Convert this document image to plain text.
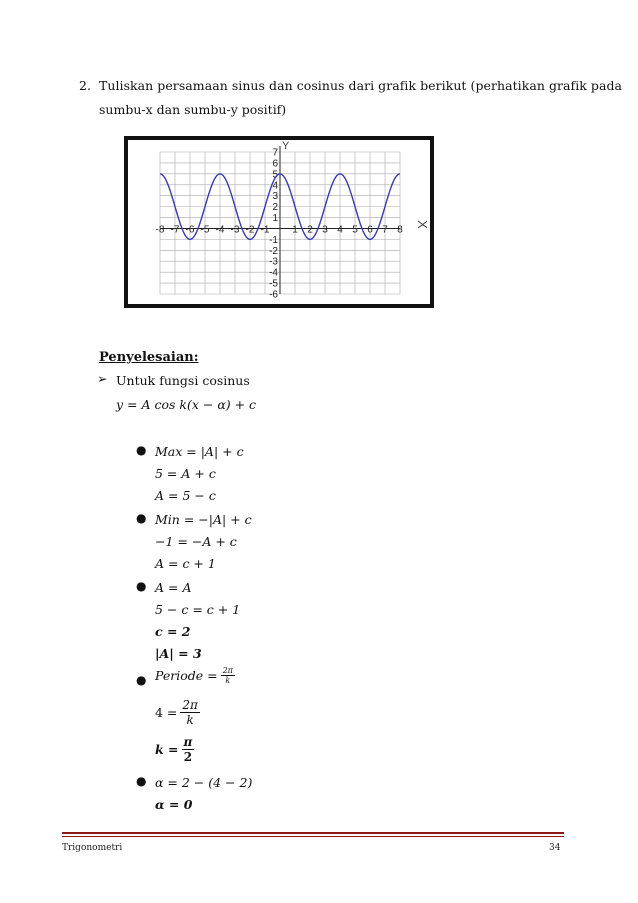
2. Tuliskan persamaan sinus dan cosinus dari grafik berikut (perhatikan grafik pada
sumbu-x dan sumbu-y positif)
-8 -7 -6 -5 -4 -3 -2 -1 1 2 3 4 5 6 7 8
7
6
5
4
3
2
1
-1
-2
-3
-4
-5
-6
X
Y
Penyelesaian:
➢ Untuk fungsi cosinus
y = A cos k(x − α) + c
● Max = |A| + c
5 = A + c
A = 5 − c
● Min = −|A| + c
−1 = −A + c
A = c + 1
● A = A
5 − c = c + 1
c = 2
|A| = 3
● Periode = $\frac{2\pi}{k}$
$4 = \frac{2\pi}{k}$
$k = \frac{\pi}{2}$
● α = 2 − (4 − 2)
α = 0
Trigonometri	34
